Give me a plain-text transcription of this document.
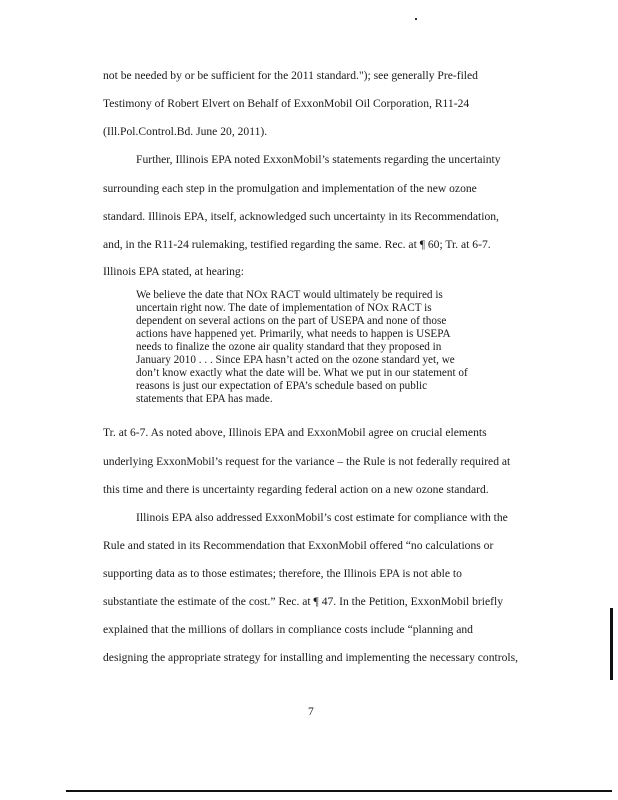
not be needed by or be sufficient for the 2011 standard."); see generally Pre-filed
Testimony of Robert Elvert on Behalf of ExxonMobil Oil Corporation, R11-24
(Ill.Pol.Control.Bd. June 20, 2011).
Further, Illinois EPA noted ExxonMobil’s statements regarding the uncertainty
surrounding each step in the promulgation and implementation of the new ozone
standard. Illinois EPA, itself, acknowledged such uncertainty in its Recommendation,
and, in the R11-24 rulemaking, testified regarding the same. Rec. at ¶ 60; Tr. at 6-7.
Illinois EPA stated, at hearing:
We believe the date that NOx RACT would ultimately be required is
uncertain right now. The date of implementation of NOx RACT is
dependent on several actions on the part of USEPA and none of those
actions have happened yet. Primarily, what needs to happen is USEPA
needs to finalize the ozone air quality standard that they proposed in
January 2010 . . . Since EPA hasn’t acted on the ozone standard yet, we
don’t know exactly what the date will be. What we put in our statement of
reasons is just our expectation of EPA’s schedule based on public
statements that EPA has made.
Tr. at 6-7. As noted above, Illinois EPA and ExxonMobil agree on crucial elements
underlying ExxonMobil’s request for the variance – the Rule is not federally required at
this time and there is uncertainty regarding federal action on a new ozone standard.
Illinois EPA also addressed ExxonMobil’s cost estimate for compliance with the
Rule and stated in its Recommendation that ExxonMobil offered “no calculations or
supporting data as to those estimates; therefore, the Illinois EPA is not able to
substantiate the estimate of the cost.” Rec. at ¶ 47. In the Petition, ExxonMobil briefly
explained that the millions of dollars in compliance costs include “planning and
designing the appropriate strategy for installing and implementing the necessary controls,
7
